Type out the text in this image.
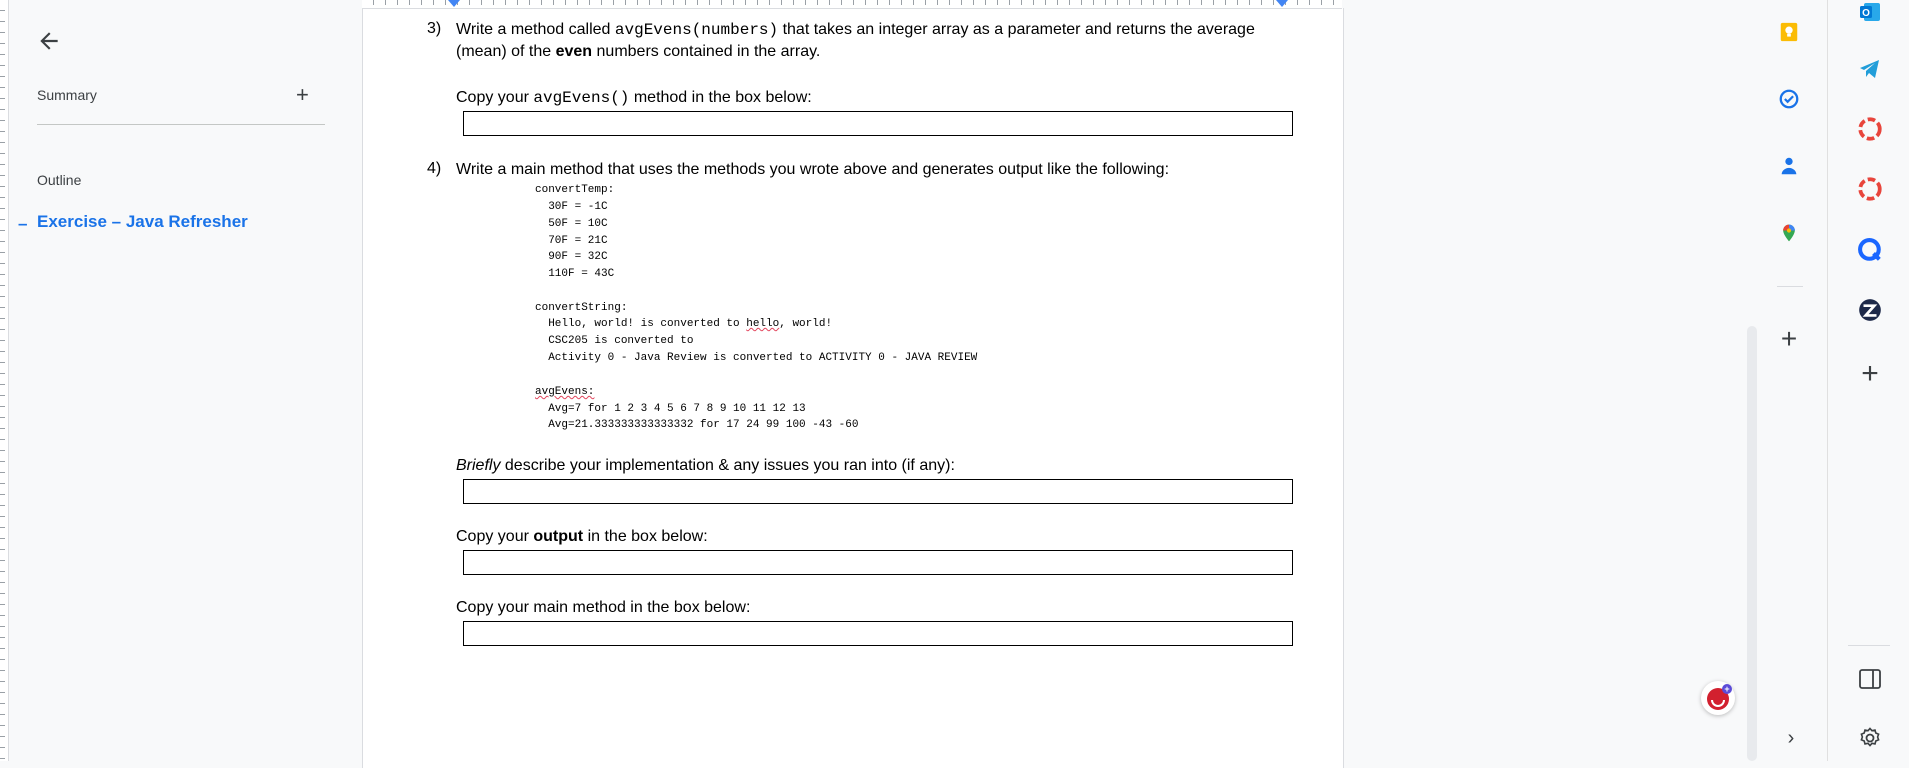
Summary	+
Outline
– Exercise – Java Refresher
3) Write a method called avgEvens(numbers) that takes an integer array as a parameter and returns the average
(mean) of the even numbers contained in the array.
Copy your avgEvens() method in the box below:
4) Write a main method that uses the methods you wrote above and generates output like the following:
convertTemp:
30F = -1C
50F = 10C
70F = 21C
90F = 32C
110F = 43C
convertString:
Hello, world! is converted to hello, world!
CSC205 is converted to
Activity 0 - Java Review is converted to ACTIVITY 0 - JAVA REVIEW
avgEvens:
Avg=7 for 1 2 3 4 5 6 7 8 9 10 11 12 13
Avg=21.333333333333332 for 17 24 99 100 -43 -60
Briefly describe your implementation & any issues you ran into (if any):
Copy your output in the box below:
Copy your main method in the box below:
+
O
+
›
+
